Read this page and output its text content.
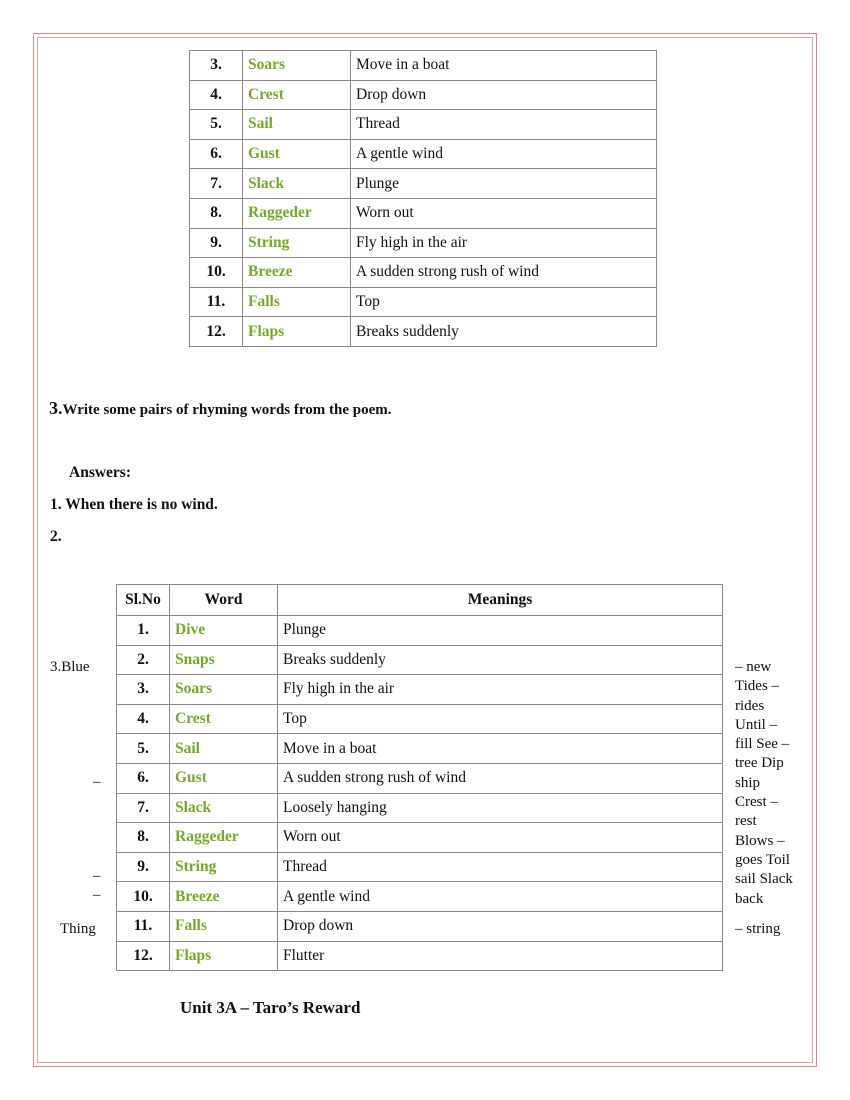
3.	Soars	Move in a boat
4.	Crest	Drop down
5.	Sail	Thread
6.	Gust	A gentle wind
7.	Slack	Plunge
8.	Raggeder	Worn out
9.	String	Fly high in the air
10.	Breeze	A sudden strong rush of wind
11.	Falls	Top
12.	Flaps	Breaks suddenly
3.Write some pairs of rhyming words from the poem.
Answers:
1. When there is no wind.
2.
Sl.No	Word	Meanings
1.	Dive	Plunge
2.	Snaps	Breaks suddenly
3.	Soars	Fly high in the air
4.	Crest	Top
5.	Sail	Move in a boat
6.	Gust	A sudden strong rush of wind
7.	Slack	Loosely hanging
8.	Raggeder	Worn out
9.	String	Thread
10.	Breeze	A gentle wind
11.	Falls	Drop down
12.	Flaps	Flutter
3.Blue
–
–
–
Thing
– new
Tides –
rides
Until –
fill See –
tree Dip
ship
Crest –
rest
Blows –
goes Toil
sail Slack
back
– string
Unit 3A – Taro’s Reward
